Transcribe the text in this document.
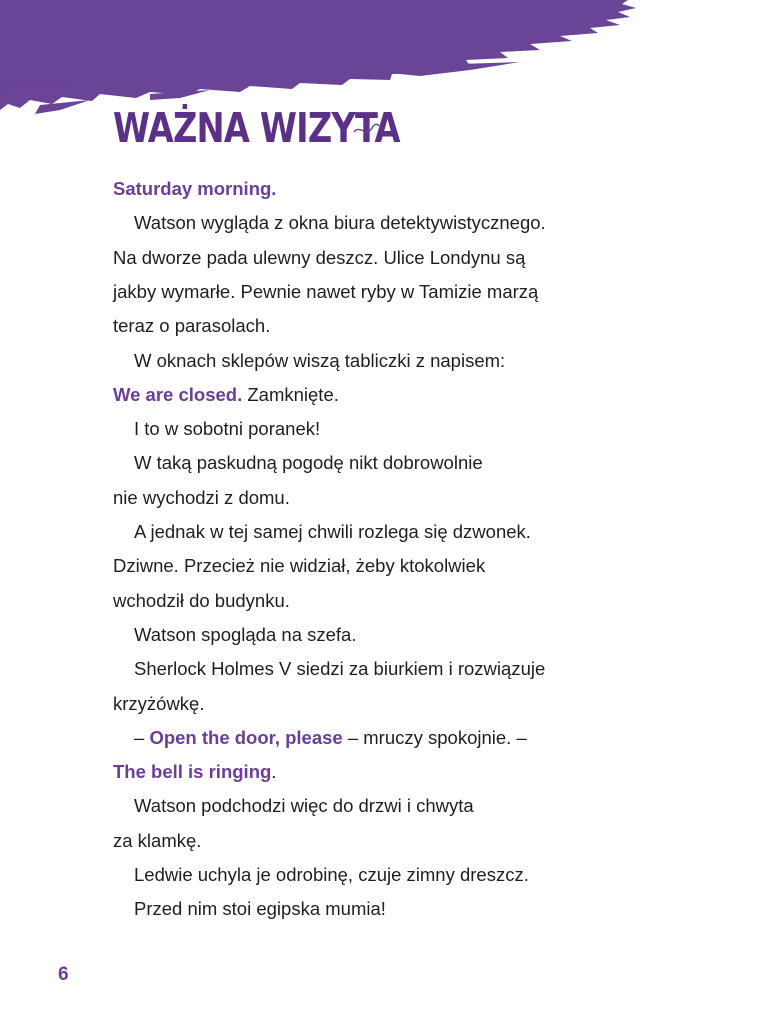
WAŻNA WIZYTA
Saturday morning.
Watson wygląda z okna biura detektywistycznego.
Na dworze pada ulewny deszcz. Ulice Londynu są
jakby wymarłe. Pewnie nawet ryby w Tamizie marzą
teraz o parasolach.
W oknach sklepów wiszą tabliczki z napisem:
We are closed. Zamknięte.
I to w sobotni poranek!
W taką paskudną pogodę nikt dobrowolnie
nie wychodzi z domu.
A jednak w tej samej chwili rozlega się dzwonek.
Dziwne. Przecież nie widział, żeby ktokolwiek
wchodził do budynku.
Watson spogląda na szefa.
Sherlock Holmes V siedzi za biurkiem i rozwiązuje
krzyżówkę.
– Open the door, please – mruczy spokojnie. –
The bell is ringing.
Watson podchodzi więc do drzwi i chwyta
za klamkę.
Ledwie uchyla je odrobinę, czuje zimny dreszcz.
Przed nim stoi egipska mumia!
6
